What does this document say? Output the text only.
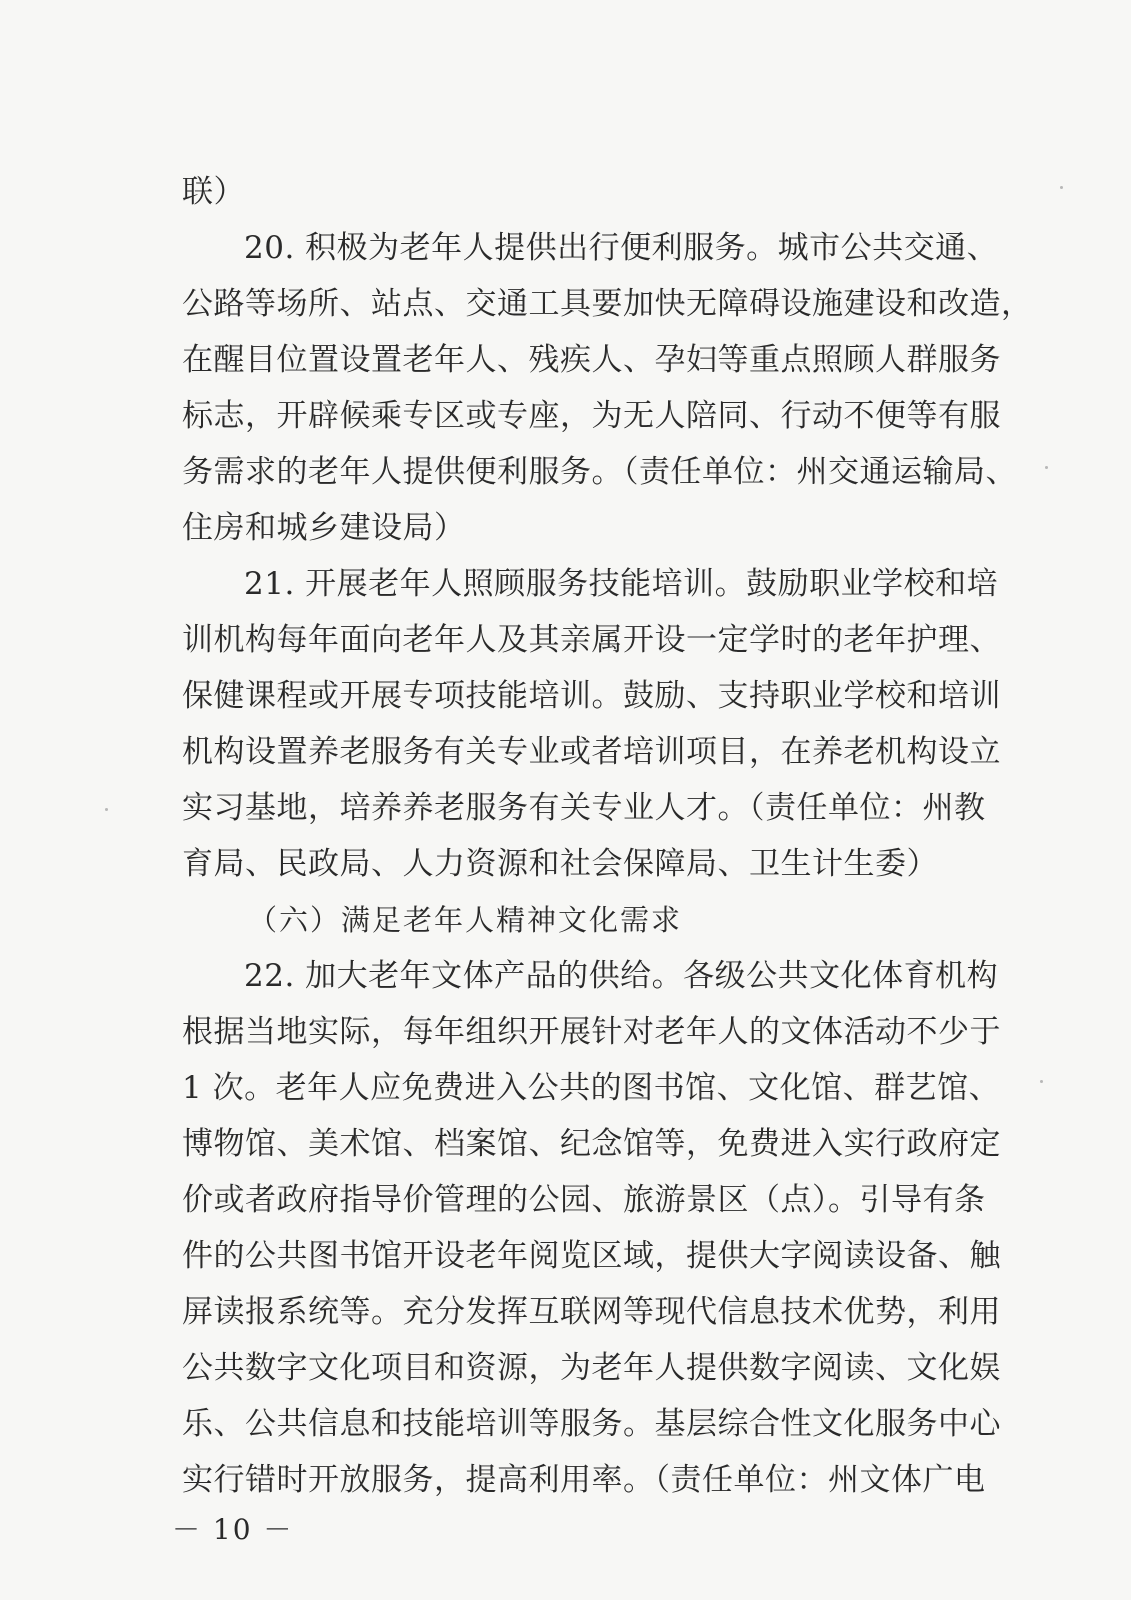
联）
20. 积极为老年人提供出行便利服务。城市公共交通、
公路等场所、站点、交通工具要加快无障碍设施建设和改造，
在醒目位置设置老年人、残疾人、孕妇等重点照顾人群服务
标志，开辟候乘专区或专座，为无人陪同、行动不便等有服
务需求的老年人提供便利服务。（责任单位：州交通运输局、
住房和城乡建设局）
21. 开展老年人照顾服务技能培训。鼓励职业学校和培
训机构每年面向老年人及其亲属开设一定学时的老年护理、
保健课程或开展专项技能培训。鼓励、支持职业学校和培训
机构设置养老服务有关专业或者培训项目，在养老机构设立
实习基地，培养养老服务有关专业人才。（责任单位：州教
育局、民政局、人力资源和社会保障局、卫生计生委）
（六）满足老年人精神文化需求
22. 加大老年文体产品的供给。各级公共文化体育机构
根据当地实际，每年组织开展针对老年人的文体活动不少于
1 次。老年人应免费进入公共的图书馆、文化馆、群艺馆、
博物馆、美术馆、档案馆、纪念馆等，免费进入实行政府定
价或者政府指导价管理的公园、旅游景区（点）。引导有条
件的公共图书馆开设老年阅览区域，提供大字阅读设备、触
屏读报系统等。充分发挥互联网等现代信息技术优势，利用
公共数字文化项目和资源，为老年人提供数字阅读、文化娱
乐、公共信息和技能培训等服务。基层综合性文化服务中心
实行错时开放服务，提高利用率。（责任单位：州文体广电
－ 10 －
